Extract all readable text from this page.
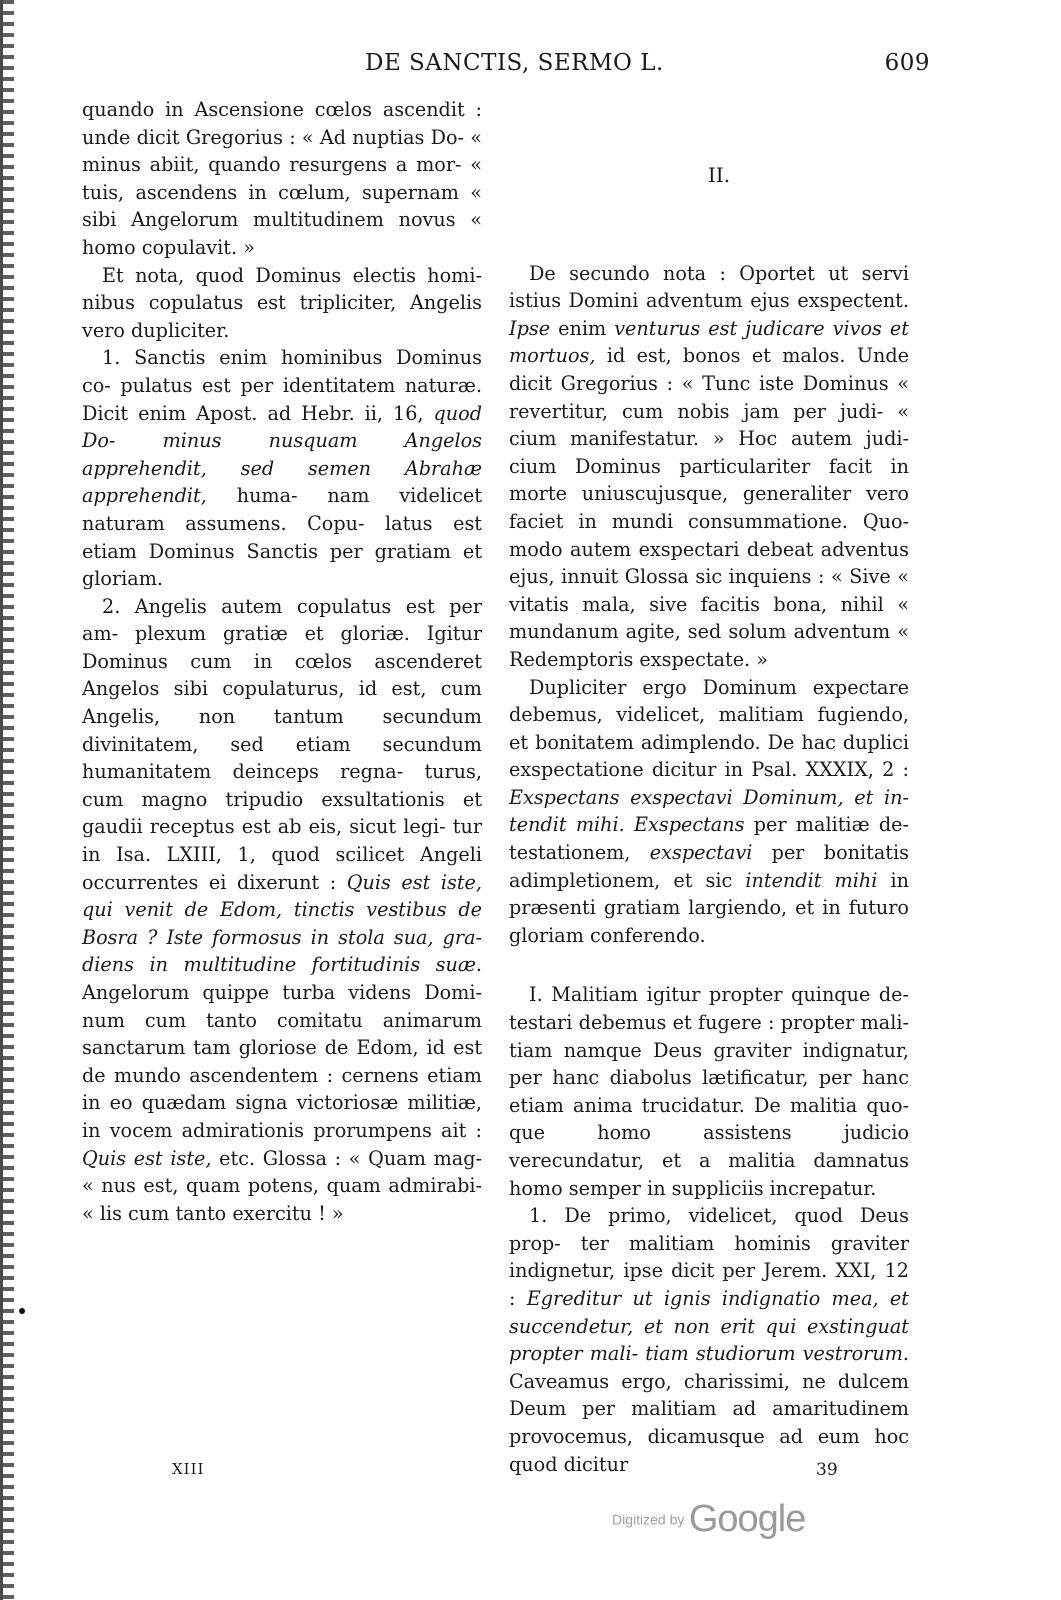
DE SANCTIS, SERMO L.	609

quando in Ascensione cœlos ascendit : unde dicit Gregorius : « Ad nuptias Do- « minus abiit, quando resurgens a mor- « tuis, ascendens in cœlum, supernam « sibi Angelorum multitudinem novus « homo copulavit. »

Et nota, quod Dominus electis homi- nibus copulatus est tripliciter, Angelis vero dupliciter.

1. Sanctis enim hominibus Dominus co- pulatus est per identitatem naturæ. Dicit enim Apost. ad Hebr. ii, 16, quod Do- minus nusquam Angelos apprehendit, sed semen Abrahæ apprehendit, huma- nam videlicet naturam assumens. Copu- latus est etiam Dominus Sanctis per gratiam et gloriam.

2. Angelis autem copulatus est per am- plexum gratiæ et gloriæ. Igitur Dominus cum in cœlos ascenderet Angelos sibi copulaturus, id est, cum Angelis, non tantum secundum divinitatem, sed etiam secundum humanitatem deinceps regna- turus, cum magno tripudio exsultationis et gaudii receptus est ab eis, sicut legi- tur in Isa. LXIII, 1, quod scilicet Angeli occurrentes ei dixerunt : Quis est iste, qui venit de Edom, tinctis vestibus de Bosra ? Iste formosus in stola sua, gra- diens in multitudine fortitudinis suæ. Angelorum quippe turba videns Domi- num cum tanto comitatu animarum sanctarum tam gloriose de Edom, id est de mundo ascendentem : cernens etiam in eo quædam signa victoriosæ militiæ, in vocem admirationis prorumpens ait : Quis est iste, etc. Glossa : « Quam mag- « nus est, quam potens, quam admirabi- « lis cum tanto exercitu ! »

II.

De secundo nota : Oportet ut servi istius Domini adventum ejus exspectent. Ipse enim venturus est judicare vivos et mortuos, id est, bonos et malos. Unde dicit Gregorius : « Tunc iste Dominus « revertitur, cum nobis jam per judi- « cium manifestatur. » Hoc autem judi- cium Dominus particulariter facit in morte uniuscujusque, generaliter vero faciet in mundi consummatione. Quo- modo autem exspectari debeat adventus ejus, innuit Glossa sic inquiens : « Sive « vitatis mala, sive facitis bona, nihil « mundanum agite, sed solum adventum « Redemptoris exspectate. »

Dupliciter ergo Dominum expectare debemus, videlicet, malitiam fugiendo, et bonitatem adimplendo. De hac duplici exspectatione dicitur in Psal. XXXIX, 2 : Exspectans exspectavi Dominum, et in- tendit mihi. Exspectans per malitiæ de- testationem, exspectavi per bonitatis adimpletionem, et sic intendit mihi in præsenti gratiam largiendo, et in futuro gloriam conferendo.

I. Malitiam igitur propter quinque de- testari debemus et fugere : propter mali- tiam namque Deus graviter indignatur, per hanc diabolus lætificatur, per hanc etiam anima trucidatur. De malitia quo- que homo assistens judicio verecundatur, et a malitia damnatus homo semper in suppliciis increpatur.

1. De primo, videlicet, quod Deus prop- ter malitiam hominis graviter indignetur, ipse dicit per Jerem. XXI, 12 : Egreditur ut ignis indignatio mea, et succendetur, et non erit qui exstinguat propter mali- tiam studiorum vestrorum. Caveamus ergo, charissimi, ne dulcem Deum per malitiam ad amaritudinem provocemus, dicamusque ad eum hoc quod dicitur

XIII	39
Digitized by Google
